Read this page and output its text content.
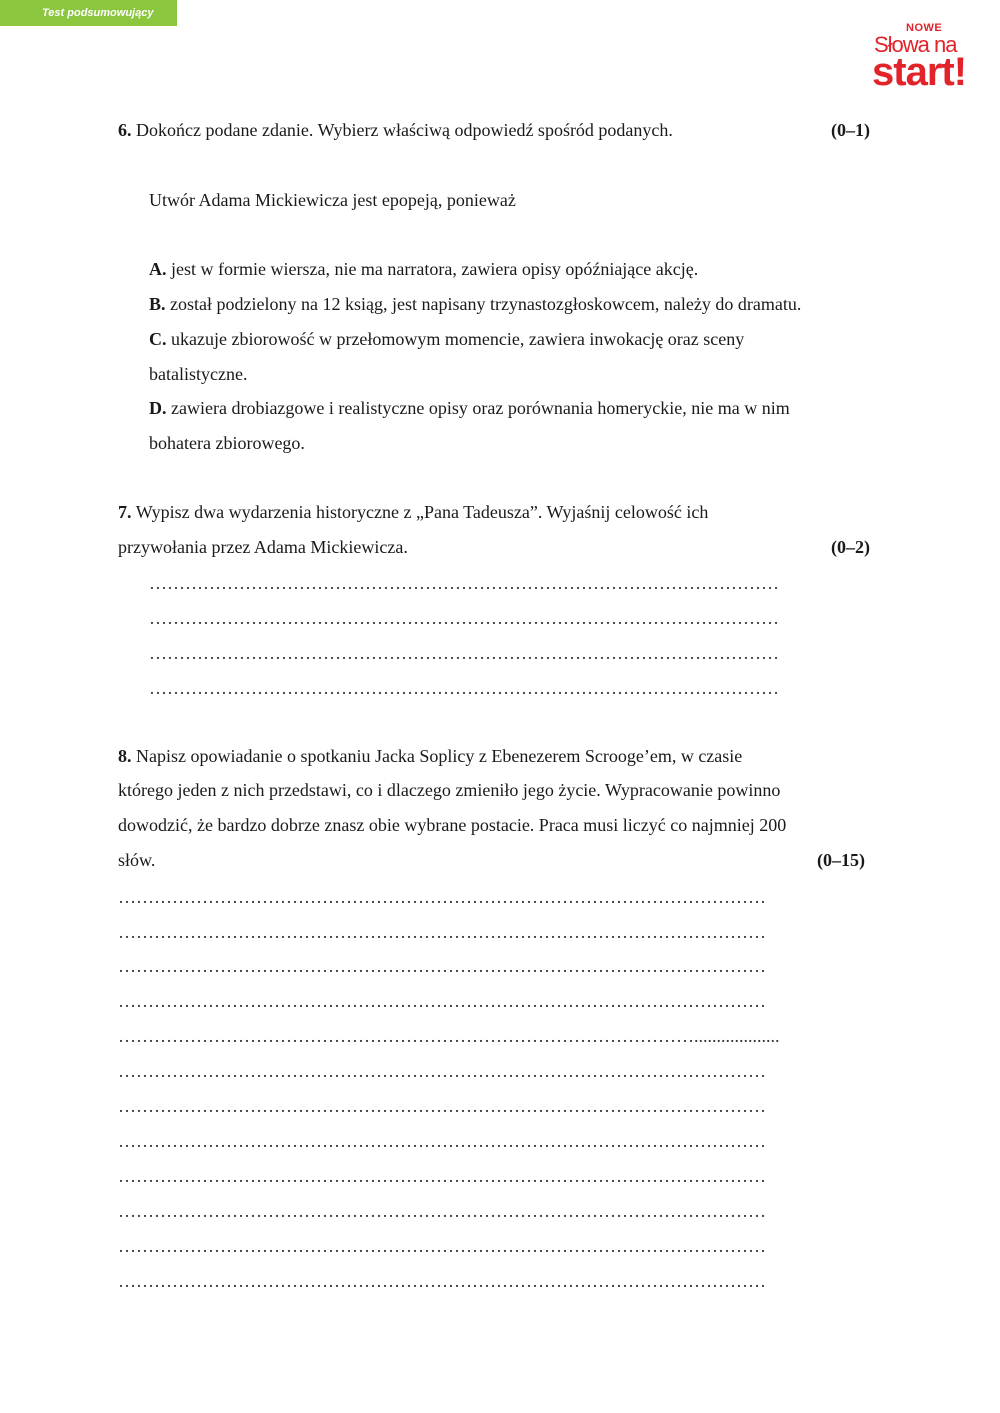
Test podsumowujący
NOWE
Słowa na
start!
6. Dokończ podane zdanie. Wybierz właściwą odpowiedź spośród podanych.	(0–1)
Utwór Adama Mickiewicza jest epopeją, ponieważ
A. jest w formie wiersza, nie ma narratora, zawiera opisy opóźniające akcję.
B. został podzielony na 12 ksiąg, jest napisany trzynastozgłoskowcem, należy do dramatu.
C. ukazuje zbiorowość w przełomowym momencie, zawiera inwokację oraz sceny
batalistyczne.
D. zawiera drobiazgowe i realistyczne opisy oraz porównania homeryckie, nie ma w nim
bohatera zbiorowego.
7. Wypisz dwa wydarzenia historyczne z „Pana Tadeusza”. Wyjaśnij celowość ich
przywołania przez Adama Mickiewicza.	(0–2)
……………………………………………………………………………………………
……………………………………………………………………………………………
……………………………………………………………………………………………
……………………………………………………………………………………………
8. Napisz opowiadanie o spotkaniu Jacka Soplicy z Ebenezerem Scrooge’em, w czasie
którego jeden z nich przedstawi, co i dlaczego zmieniło jego życie. Wypracowanie powinno
dowodzić, że bardzo dobrze znasz obie wybrane postacie. Praca musi liczyć co najmniej 200
słów.	(0–15)
………………………………………………………………………………………………
………………………………………………………………………………………………
………………………………………………………………………………………………
………………………………………………………………………………………………
……………………………………………………………………………………...................
………………………………………………………………………………………………
………………………………………………………………………………………………
………………………………………………………………………………………………
………………………………………………………………………………………………
………………………………………………………………………………………………
………………………………………………………………………………………………
………………………………………………………………………………………………
